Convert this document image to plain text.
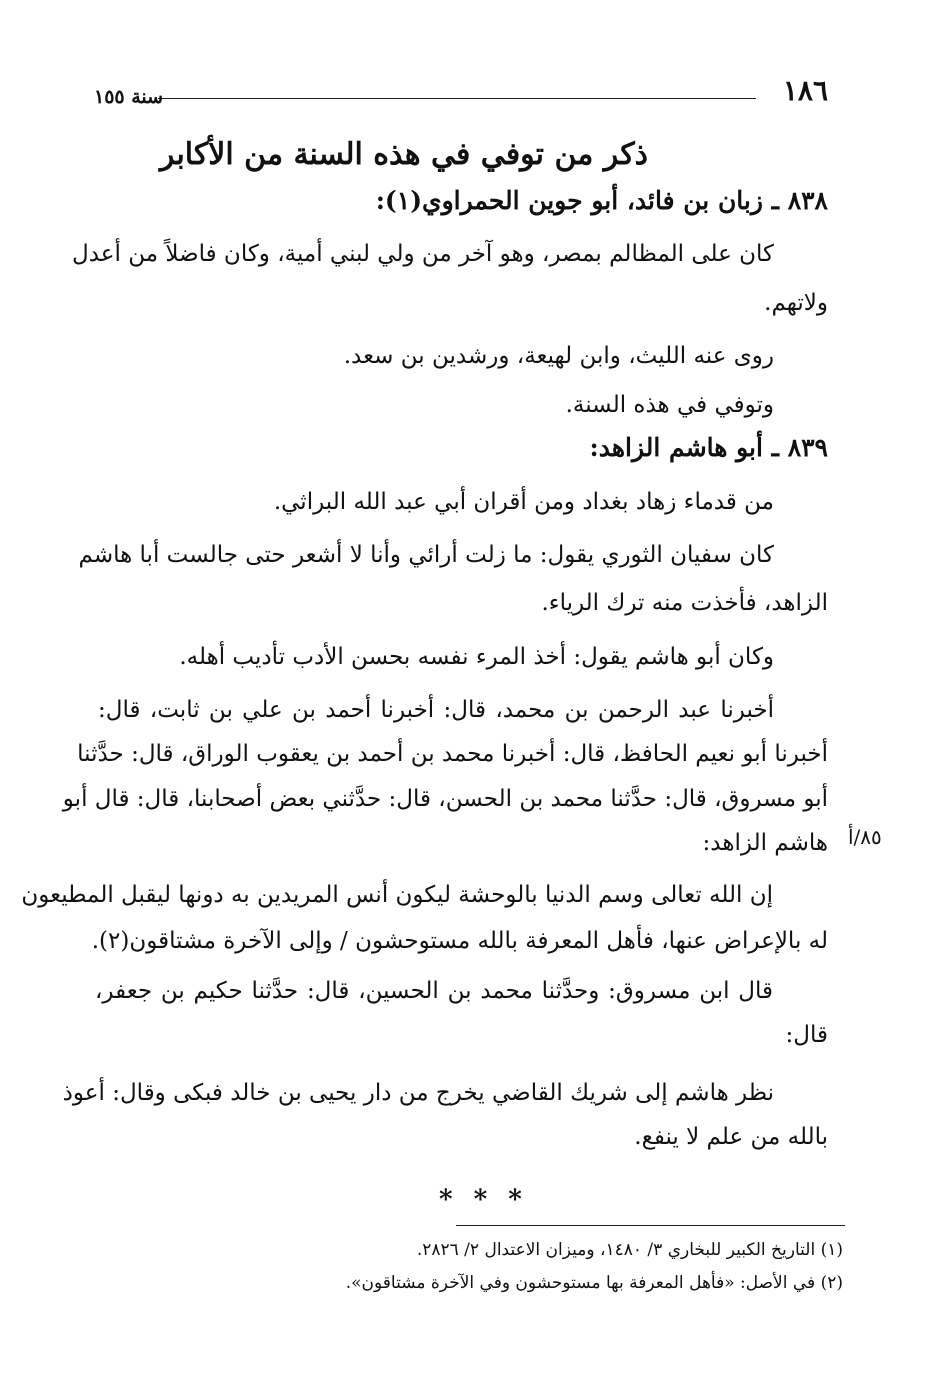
١٨٦
سنة ١٥٥
ذكر من توفي في هذه السنة من الأكابر
٨٣٨ ـ زبان بن فائد، أبو جوين الحمراوي(١):
كان على المظالم بمصر، وهو آخر من ولي لبني أمية، وكان فاضلاً من أعدل
ولاتهم.
روى عنه الليث، وابن لهيعة، ورشدين بن سعد.
وتوفي في هذه السنة.
٨٣٩ ـ أبو هاشم الزاهد:
من قدماء زهاد بغداد ومن أقران أبي عبد الله البراثي.
كان سفيان الثوري يقول: ما زلت أرائي وأنا لا أشعر حتى جالست أبا هاشم
الزاهد، فأخذت منه ترك الرياء.
وكان أبو هاشم يقول: أخذ المرء نفسه بحسن الأدب تأديب أهله.
أخبرنا عبد الرحمن بن محمد، قال: أخبرنا أحمد بن علي بن ثابت، قال:
أخبرنا أبو نعيم الحافظ، قال: أخبرنا محمد بن أحمد بن يعقوب الوراق، قال: حدَّثنا
أبو مسروق، قال: حدَّثنا محمد بن الحسن، قال: حدَّثني بعض أصحابنا، قال: قال أبو
هاشم الزاهد:
إن الله تعالى وسم الدنيا بالوحشة ليكون أنس المريدين به دونها ليقبل المطيعون
له بالإعراض عنها، فأهل المعرفة بالله مستوحشون / وإلى الآخرة مشتاقون(٢).
قال ابن مسروق: وحدَّثنا محمد بن الحسين، قال: حدَّثنا حكيم بن جعفر،
قال:
نظر هاشم إلى شريك القاضي يخرج من دار يحيى بن خالد فبكى وقال: أعوذ
بالله من علم لا ينفع.
٨٥/أ
* * *
(١) التاريخ الكبير للبخاري ٣/ ١٤٨٠، وميزان الاعتدال ٢/ ٢٨٢٦.
(٢) في الأصل: «فأهل المعرفة بها مستوحشون وفي الآخرة مشتاقون».
